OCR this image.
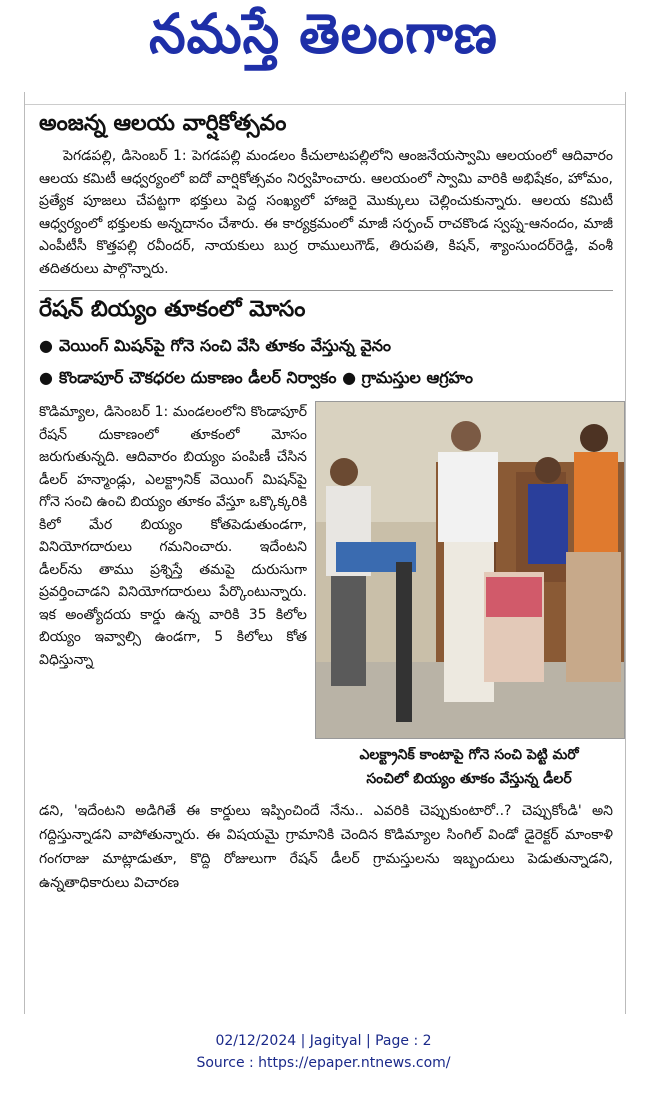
నమస్తే తెలంగాణ
అంజన్న ఆలయ వార్షికోత్సవం

పెగడపల్లి, డిసెంబర్ 1: పెగడపల్లి మండలం కీచులాటపల్లిలోని ఆంజనేయస్వామి ఆలయంలో ఆదివారం ఆలయ కమిటీ ఆధ్వర్యంలో ఐదో వార్షికోత్సవం నిర్వహించారు. ఆలయంలో స్వామి వారికి అభిషేకం, హోమం, ప్రత్యేక పూజలు చేపట్టగా భక్తులు పెద్ద సంఖ్యలో హాజరై మొక్కులు చెల్లించుకున్నారు. ఆలయ కమిటీ ఆధ్వర్యంలో భక్తులకు అన్నదానం చేశారు. ఈ కార్యక్రమంలో మాజీ సర్పంచ్ రాచకొండ స్వప్న-ఆనందం, మాజీ ఎంపీటీసీ కొత్తపల్లి రవీందర్, నాయకులు బుర్ర రాములుగౌడ్, తిరుపతి, కిషన్, శ్యాంసుందర్‌రెడ్డి, వంశీ తదితరులు పాల్గొన్నారు.

రేషన్ బియ్యం తూకంలో మోసం
● వెయింగ్ మిషన్‌పై గోనె సంచి వేసి తూకం వేస్తున్న వైనం
● కొండాపూర్ చౌకధరల దుకాణం డీలర్ నిర్వాకం ● గ్రామస్తుల ఆగ్రహం
కొడిమ్యాల, డిసెంబర్ 1: మండలంలోని కొండాపూర్ రేషన్ దుకాణంలో తూకంలో మోసం జరుగుతున్నది. ఆదివారం బియ్యం పంపిణీ చేసిన డీలర్ హన్మాండ్లు, ఎలక్ట్రానిక్ వెయింగ్ మిషన్‌పై గోనె సంచి ఉంచి బియ్యం తూకం వేస్తూ ఒక్కొక్కరికి కిలో మేర బియ్యం కోతపెడుతుండగా, వినియోగదారులు గమనించారు. ఇదేంటని డీలర్‌ను తాము ప్రశ్నిస్తే తమపై దురుసుగా ప్రవర్తించాడని వినియోగదారులు పేర్కొంటున్నారు. ఇక అంత్యోదయ కార్డు ఉన్న వారికి 35 కిలోల బియ్యం ఇవ్వాల్సి ఉండగా, 5 కిలోలు కోత విధిస్తున్నా
ఎలక్ట్రానిక్ కాంటాపై గోనె సంచి పెట్టి మరో
సంచిలో బియ్యం తూకం వేస్తున్న డీలర్

డని, 'ఇదేంటని అడిగితే ఈ కార్డులు ఇప్పించిందే నేను.. ఎవరికి చెప్పుకుంటారో..? చెప్పుకోండి' అని గద్దిస్తున్నాడని వాపోతున్నారు. ఈ విషయమై గ్రామానికి చెందిన కొడిమ్యాల సింగిల్ విండో డైరెక్టర్ మాంకాళి గంగరాజు మాట్లాడుతూ, కొద్ది రోజులుగా రేషన్ డీలర్ గ్రామస్తులను ఇబ్బందులు పెడుతున్నాడని, ఉన్నతాధికారులు విచారణ

02/12/2024 | Jagityal | Page : 2
Source : https://epaper.ntnews.com/
